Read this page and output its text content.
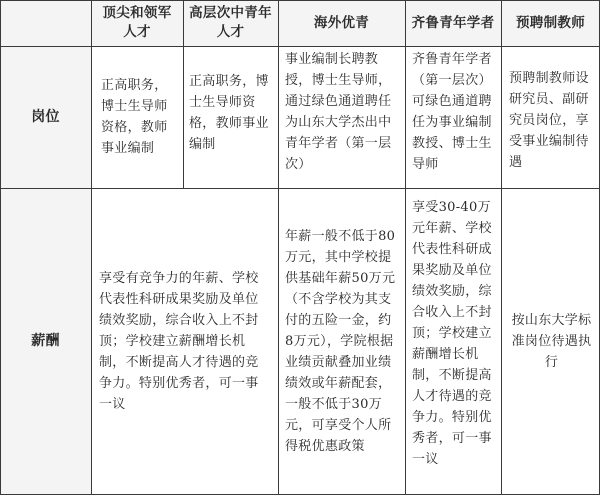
顶尖和领军
人才
高层次中青年
人才
海外优青	齐鲁青年学者	预聘制教师
岗位
正高职务，博士生导师资格，教师事业编制
正高职务，博士生导师资格，教师事业编制
事业编制长聘教授，博士生导师，通过绿色通道聘任为山东大学杰出中青年学者（第一层次）
齐鲁青年学者（第一层次）可绿色通道聘任为事业编制教授、博士生导师
预聘制教师设研究员、副研究员岗位，享受事业编制待遇
薪酬
享受有竞争力的年薪、学校代表性科研成果奖励及单位绩效奖励，综合收入上不封顶；学校建立薪酬增长机制，不断提高人才待遇的竞争力。特别优秀者，可一事一议
年薪一般不低于80万元，其中学校提供基础年薪50万元（不含学校为其支付的五险一金，约8万元），学院根据业绩贡献叠加业绩绩效或年薪配套，一般不低于30万元，可享受个人所得税优惠政策
享受30-40万元年薪、学校代表性科研成果奖励及单位绩效奖励，综合收入上不封顶；学校建立薪酬增长机制，不断提高人才待遇的竞争力。特别优秀者，可一事一议
按山东大学标准岗位待遇执行
